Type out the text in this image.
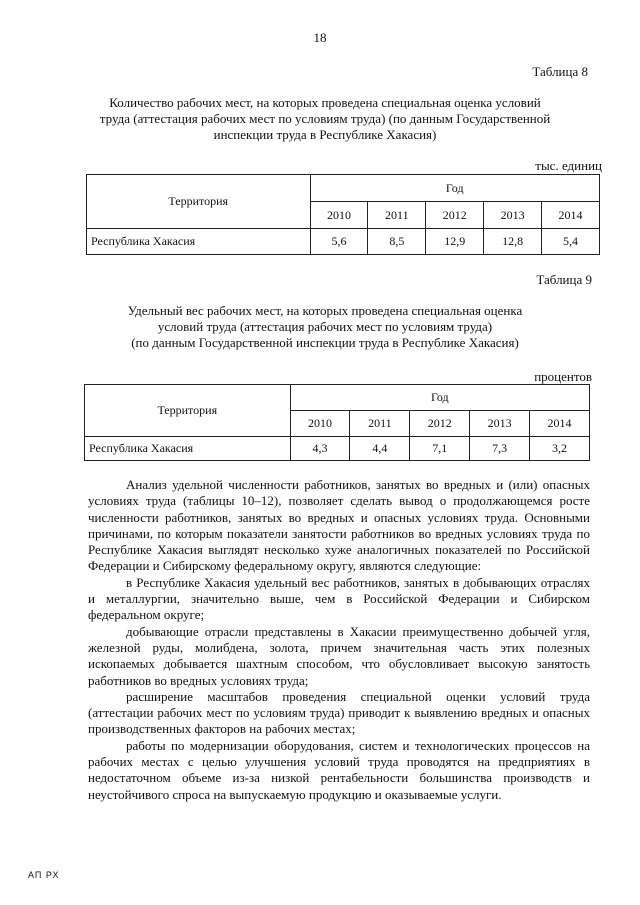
18
Таблица 8
Количество рабочих мест, на которых проведена специальная оценка условий
труда (аттестация рабочих мест по условиям труда) (по данным Государственной
инспекции труда в Республике Хакасия)
тыс. единиц
Территория	Год				
	2010	2011	2012	2013	2014
Республика Хакасия	5,6	8,5	12,9	12,8	5,4
Таблица 9
Удельный вес рабочих мест, на которых проведена специальная оценка
условий труда (аттестация рабочих мест по условиям труда)
(по данным Государственной инспекции труда в Республике Хакасия)
процентов
Территория	Год				
	2010	2011	2012	2013	2014
Республика Хакасия	4,3	4,4	7,1	7,3	3,2

Анализ удельной численности работников, занятых во вредных и (или) опасных условиях труда (таблицы 10–12), позволяет сделать вывод о продолжающемся росте численности работников, занятых во вредных и опасных условиях труда. Основными причинами, по которым показатели занятости работников во вредных условиях труда по Республике Хакасия выглядят несколько хуже аналогичных показателей по Российской Федерации и Сибирскому федеральному округу, являются следующие:

в Республике Хакасия удельный вес работников, занятых в добывающих отраслях и металлургии, значительно выше, чем в Российской Федерации и Сибирском федеральном округе;

добывающие отрасли представлены в Хакасии преимущественно добычей угля, железной руды, молибдена, золота, причем значительная часть этих полезных ископаемых добывается шахтным способом, что обусловливает высокую занятость работников во вредных условиях труда;

расширение масштабов проведения специальной оценки условий труда (аттестации рабочих мест по условиям труда) приводит к выявлению вредных и опасных производственных факторов на рабочих местах;

работы по модернизации оборудования, систем и технологических процессов на рабочих местах с целью улучшения условий труда проводятся на предприятиях в недостаточном объеме из-за низкой рентабельности большинства производств и неустойчивого спроса на выпускаемую продукцию и оказываемые услуги.

АП РХ
